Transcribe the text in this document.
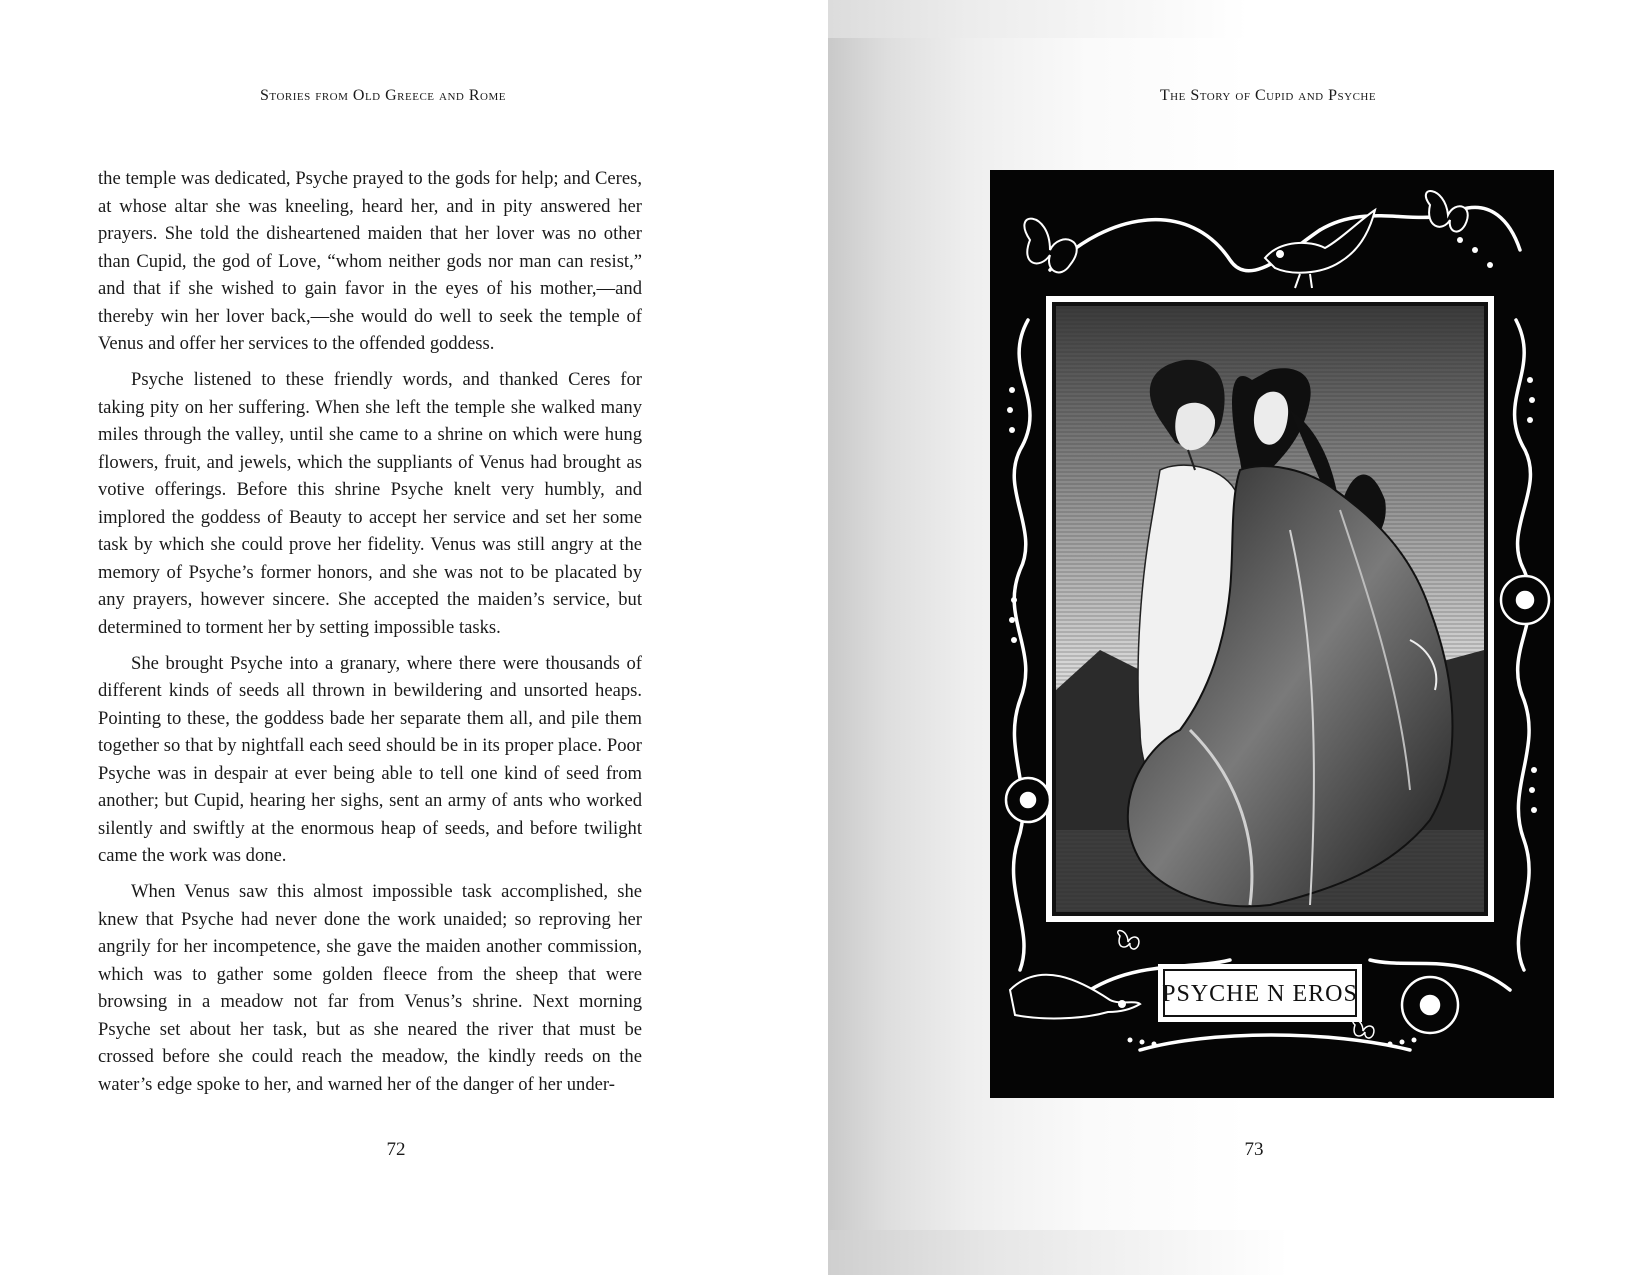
Stories from Old Greece and Rome

the temple was dedicated, Psyche prayed to the gods for help; and Ceres, at whose altar she was kneeling, heard her, and in pity answered her prayers. She told the disheartened maiden that her lover was no other than Cupid, the god of Love, “whom neither gods nor man can resist,” and that if she wished to gain favor in the eyes of his mother,—and thereby win her lover back,—she would do well to seek the temple of Venus and offer her services to the offended goddess.

Psyche listened to these friendly words, and thanked Ceres for taking pity on her suffering. When she left the temple she walked many miles through the valley, until she came to a shrine on which were hung flowers, fruit, and jewels, which the suppliants of Venus had brought as votive offerings. Before this shrine Psyche knelt very humbly, and implored the goddess of Beauty to accept her service and set her some task by which she could prove her fidelity. Venus was still angry at the memory of Psyche’s former honors, and she was not to be placated by any prayers, however sincere. She accepted the maiden’s service, but determined to torment her by setting impossible tasks.

She brought Psyche into a granary, where there were thousands of different kinds of seeds all thrown in bewildering and unsorted heaps. Pointing to these, the goddess bade her separate them all, and pile them together so that by nightfall each seed should be in its proper place. Poor Psyche was in despair at ever being able to tell one kind of seed from another; but Cupid, hearing her sighs, sent an army of ants who worked silently and swiftly at the enormous heap of seeds, and before twilight came the work was done.

When Venus saw this almost impossible task accomplished, she knew that Psyche had never done the work unaided; so reproving her angrily for her incompetence, she gave the maiden another commission, which was to gather some golden fleece from the sheep that were browsing in a meadow not far from Venus’s shrine. Next morning Psyche set about her task, but as she neared the river that must be crossed before she could reach the meadow, the kindly reeds on the water’s edge spoke to her, and warned her of the danger of her under-

72
The Story of Cupid and Psyche
PSYCHE N EROS
73
